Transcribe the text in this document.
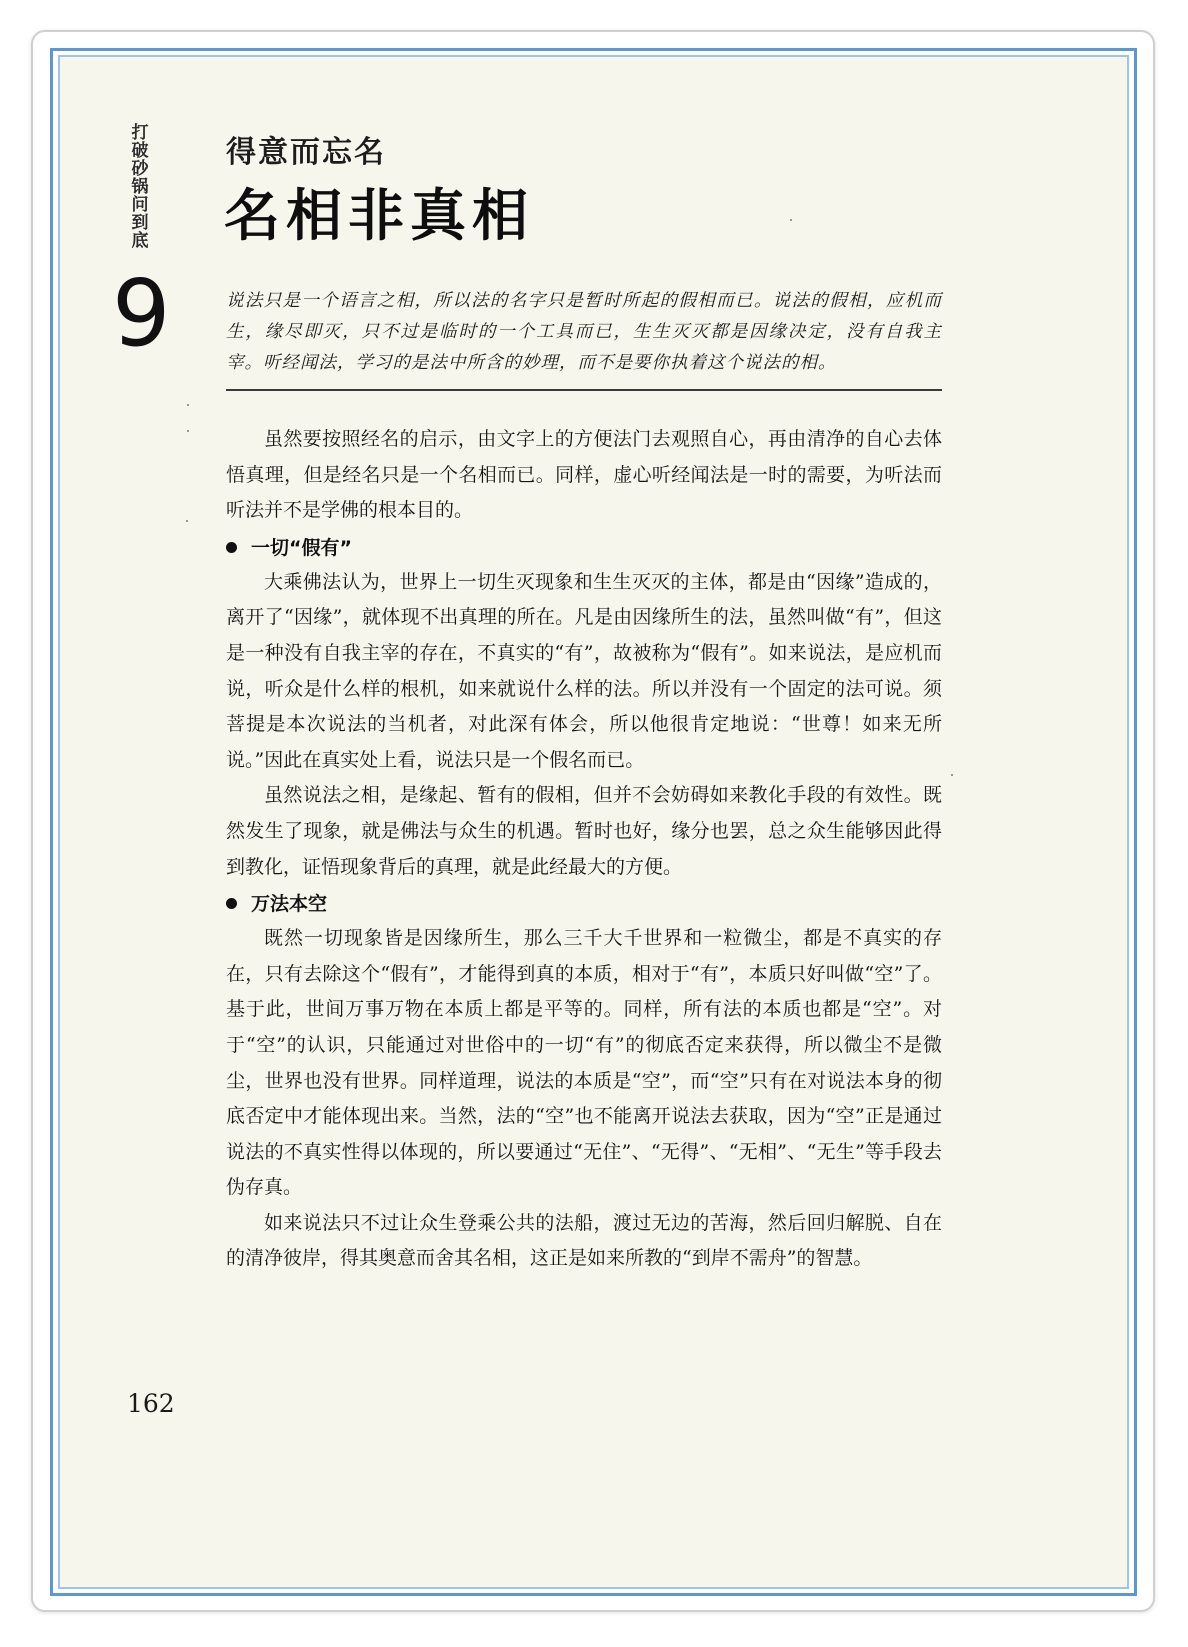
打
破
砂
锅
问
到
底
9
得意而忘名
名相非真相
说法只是一个语言之相，所以法的名字只是暂时所起的假相而已。说法的假相，应机而生，缘尽即灭，只不过是临时的一个工具而已，生生灭灭都是因缘决定，没有自我主宰。听经闻法，学习的是法中所含的妙理，而不是要你执着这个说法的相。

虽然要按照经名的启示，由文字上的方便法门去观照自心，再由清净的自心去体悟真理，但是经名只是一个名相而已。同样，虚心听经闻法是一时的需要，为听法而听法并不是学佛的根本目的。

一切“假有”

大乘佛法认为，世界上一切生灭现象和生生灭灭的主体，都是由“因缘”造成的，离开了“因缘”，就体现不出真理的所在。凡是由因缘所生的法，虽然叫做“有”，但这是一种没有自我主宰的存在，不真实的“有”，故被称为“假有”。如来说法，是应机而说，听众是什么样的根机，如来就说什么样的法。所以并没有一个固定的法可说。须菩提是本次说法的当机者，对此深有体会，所以他很肯定地说：“世尊！如来无所说。”因此在真实处上看，说法只是一个假名而已。

虽然说法之相，是缘起、暂有的假相，但并不会妨碍如来教化手段的有效性。既然发生了现象，就是佛法与众生的机遇。暂时也好，缘分也罢，总之众生能够因此得到教化，证悟现象背后的真理，就是此经最大的方便。

万法本空

既然一切现象皆是因缘所生，那么三千大千世界和一粒微尘，都是不真实的存在，只有去除这个“假有”，才能得到真的本质，相对于“有”，本质只好叫做“空”了。基于此，世间万事万物在本质上都是平等的。同样，所有法的本质也都是“空”。对于“空”的认识，只能通过对世俗中的一切“有”的彻底否定来获得，所以微尘不是微尘，世界也没有世界。同样道理，说法的本质是“空”，而“空”只有在对说法本身的彻底否定中才能体现出来。当然，法的“空”也不能离开说法去获取，因为“空”正是通过说法的不真实性得以体现的，所以要通过“无住”、“无得”、“无相”、“无生”等手段去伪存真。

如来说法只不过让众生登乘公共的法船，渡过无边的苦海，然后回归解脱、自在的清净彼岸，得其奥意而舍其名相，这正是如来所教的“到岸不需舟”的智慧。

162
